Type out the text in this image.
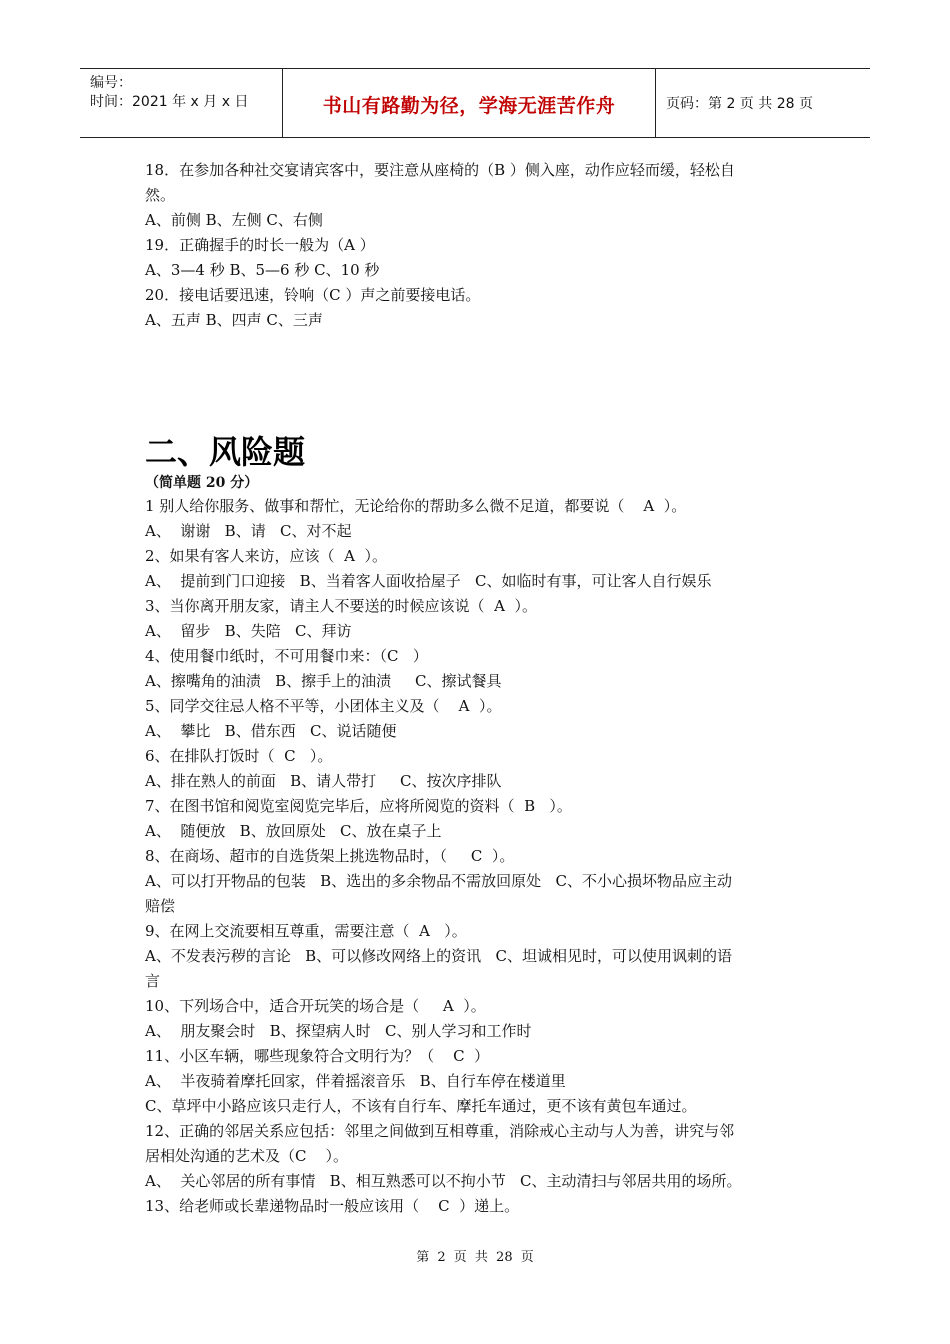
编号：
时间：2021 年 x 月 x 日	书山有路勤为径，学海无涯苦作舟	页码：第 2 页 共 28 页
18．在参加各种社交宴请宾客中，要注意从座椅的（B ）侧入座，动作应轻而缓，轻松自
然。
A、前侧 B、左侧 C、右侧
19．正确握手的时长一般为（A ）
A、3—4 秒 B、5—6 秒 C、10 秒
20．接电话要迅速，铃响（C ）声之前要接电话。
A、五声 B、四声 C、三声
二、风险题
（简单题 20 分）
1 别人给你服务、做事和帮忙，无论给你的帮助多么微不足道，都要说（    A  ）。
A、  谢谢   B、请   C、对不起
2、如果有客人来访，应该（  A  ）。
A、  提前到门口迎接   B、当着客人面收拾屋子   C、如临时有事，可让客人自行娱乐
3、当你离开朋友家，请主人不要送的时候应该说（  A  ）。
A、  留步   B、失陪   C、拜访
4、使用餐巾纸时，不可用餐巾来：（C   ）
A、擦嘴角的油渍   B、擦手上的油渍     C、擦试餐具
5、同学交往忌人格不平等，小团体主义及（    A  ）。
A、  攀比   B、借东西   C、说话随便
6、在排队打饭时（  C   ）。
A、排在熟人的前面   B、请人带打     C、按次序排队
7、在图书馆和阅览室阅览完毕后，应将所阅览的资料（  B   ）。
A、  随便放   B、放回原处   C、放在桌子上
8、在商场、超市的自选货架上挑选物品时，（     C  ）。
A、可以打开物品的包装   B、选出的多余物品不需放回原处   C、不小心损坏物品应主动
赔偿
9、在网上交流要相互尊重，需要注意（  A   ）。
A、不发表污秽的言论   B、可以修改网络上的资讯   C、坦诚相见时，可以使用讽刺的语
言
10、下列场合中，适合开玩笑的场合是（     A  ）。
A、  朋友聚会时   B、探望病人时   C、别人学习和工作时
11、小区车辆，哪些现象符合文明行为？（    C  ）
A、  半夜骑着摩托回家，伴着摇滚音乐   B、自行车停在楼道里
C、草坪中小路应该只走行人，不该有自行车、摩托车通过，更不该有黄包车通过。
12、正确的邻居关系应包括：邻里之间做到互相尊重，消除戒心主动与人为善，讲究与邻
居相处沟通的艺术及（C    ）。
A、  关心邻居的所有事情   B、相互熟悉可以不拘小节   C、主动清扫与邻居共用的场所。
13、给老师或长辈递物品时一般应该用（    C  ）递上。
第 2 页 共 28 页
